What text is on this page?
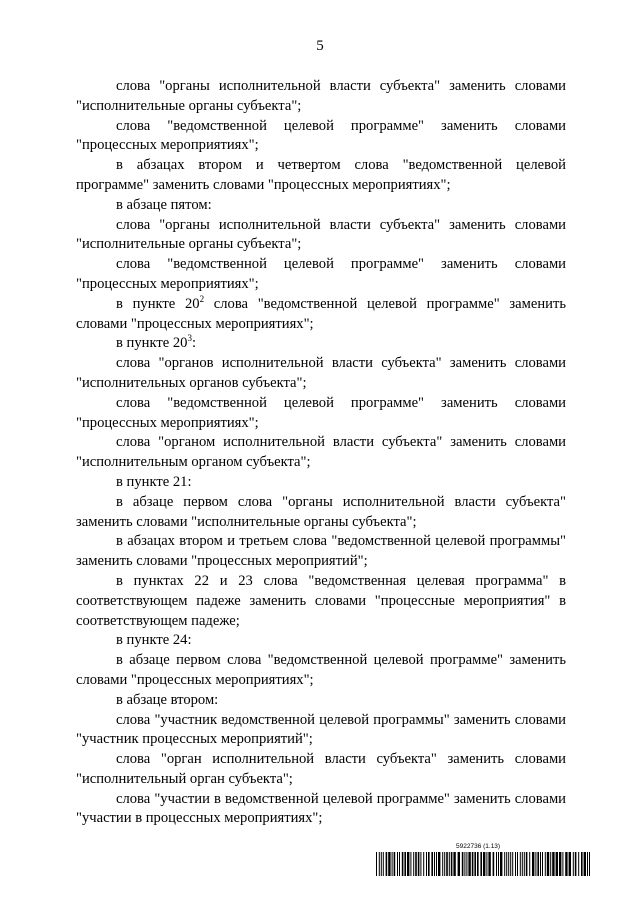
5

слова "органы исполнительной власти субъекта" заменить словами "исполнительные органы субъекта";

слова "ведомственной целевой программе" заменить словами "процессных мероприятиях";

в абзацах втором и четвертом слова "ведомственной целевой программе" заменить словами "процессных мероприятиях";

в абзаце пятом:

слова "органы исполнительной власти субъекта" заменить словами "исполнительные органы субъекта";

слова "ведомственной целевой программе" заменить словами "процессных мероприятиях";

в пункте $20^2$ слова "ведомственной целевой программе" заменить словами "процессных мероприятиях";

в пункте $20^3$:

слова "органов исполнительной власти субъекта" заменить словами "исполнительных органов субъекта";

слова "ведомственной целевой программе" заменить словами "процессных мероприятиях";

слова "органом исполнительной власти субъекта" заменить словами "исполнительным органом субъекта";

в пункте 21:

в абзаце первом слова "органы исполнительной власти субъекта" заменить словами "исполнительные органы субъекта";

в абзацах втором и третьем слова "ведомственной целевой программы" заменить словами "процессных мероприятий";

в пунктах 22 и 23 слова "ведомственная целевая программа" в соответствующем падеже заменить словами "процессные мероприятия" в соответствующем падеже;

в пункте 24:

в абзаце первом слова "ведомственной целевой программе" заменить словами "процессных мероприятиях";

в абзаце втором:

слова "участник ведомственной целевой программы" заменить словами "участник процессных мероприятий";

слова "орган исполнительной власти субъекта" заменить словами "исполнительный орган субъекта";

слова "участии в ведомственной целевой программе" заменить словами "участии в процессных мероприятиях";

5922736 (1.13)
